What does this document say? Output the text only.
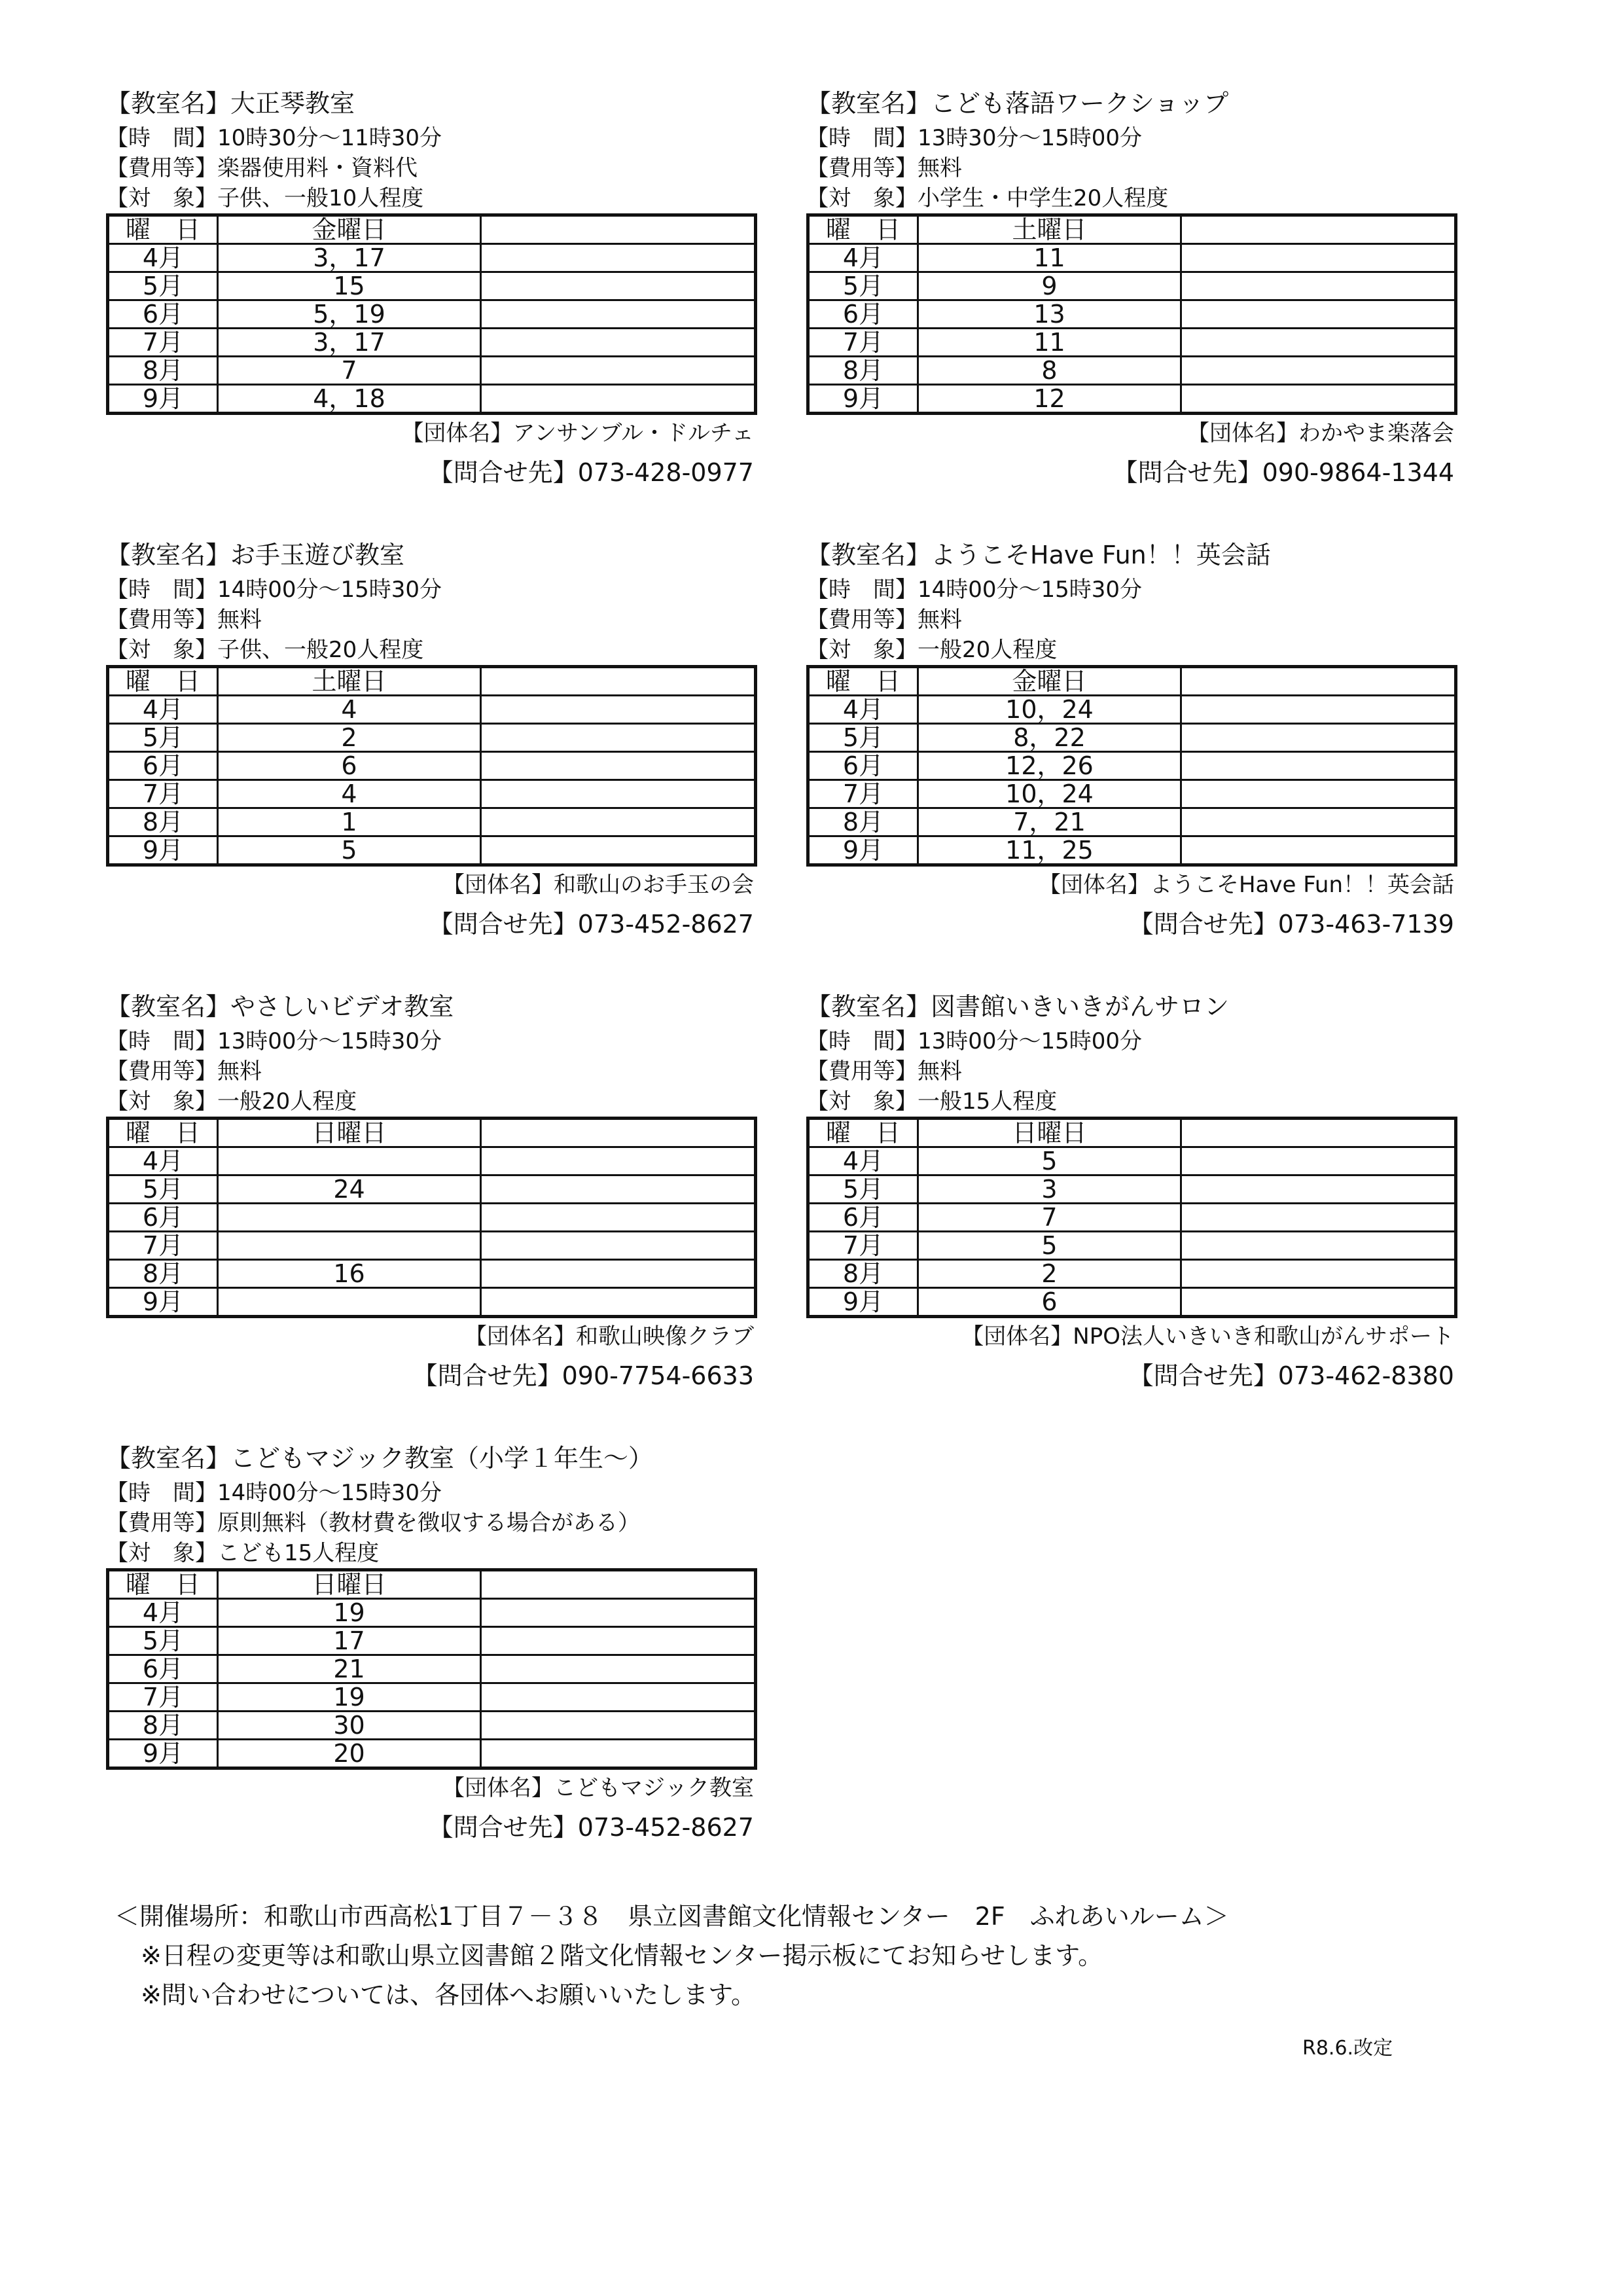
【教室名】大正琴教室
【時　間】10時30分～11時30分
【費用等】楽器使用料・資料代
【対　象】子供、一般10人程度
曜　日	金曜日	
4月	3，17	
5月	15	
6月	5，19	
7月	3，17	
8月	7	
9月	4，18	
【団体名】アンサンブル・ドルチェ
【問合せ先】073-428-0977
【教室名】こども落語ワークショップ
【時　間】13時30分～15時00分
【費用等】無料
【対　象】小学生・中学生20人程度
曜　日	土曜日	
4月	11	
5月	9	
6月	13	
7月	11	
8月	8	
9月	12	
【団体名】わかやま楽落会
【問合せ先】090-9864-1344
【教室名】お手玉遊び教室
【時　間】14時00分～15時30分
【費用等】無料
【対　象】子供、一般20人程度
曜　日	土曜日	
4月	4	
5月	2	
6月	6	
7月	4	
8月	1	
9月	5	
【団体名】和歌山のお手玉の会
【問合せ先】073-452-8627
【教室名】ようこそHave Fun！！英会話
【時　間】14時00分～15時30分
【費用等】無料
【対　象】一般20人程度
曜　日	金曜日	
4月	10，24	
5月	8，22	
6月	12，26	
7月	10，24	
8月	7，21	
9月	11，25	
【団体名】ようこそHave Fun！！英会話
【問合せ先】073-463-7139
【教室名】やさしいビデオ教室
【時　間】13時00分～15時30分
【費用等】無料
【対　象】一般20人程度
曜　日	日曜日	
4月		
5月	24	
6月		
7月		
8月	16	
9月		
【団体名】和歌山映像クラブ
【問合せ先】090-7754-6633
【教室名】図書館いきいきがんサロン
【時　間】13時00分～15時00分
【費用等】無料
【対　象】一般15人程度
曜　日	日曜日	
4月	5	
5月	3	
6月	7	
7月	5	
8月	2	
9月	6	
【団体名】NPO法人いきいき和歌山がんサポート
【問合せ先】073-462-8380
【教室名】こどもマジック教室（小学１年生～）
【時　間】14時00分～15時30分
【費用等】原則無料（教材費を徴収する場合がある）
【対　象】こども15人程度
曜　日	日曜日	
4月	19	
5月	17	
6月	21	
7月	19	
8月	30	
9月	20	
【団体名】こどもマジック教室
【問合せ先】073-452-8627
＜開催場所：和歌山市西高松1丁目７－３８　県立図書館文化情報センター　2F　ふれあいルーム＞
※日程の変更等は和歌山県立図書館２階文化情報センター掲示板にてお知らせします。
※問い合わせについては、各団体へお願いいたします。
R8.6.改定
